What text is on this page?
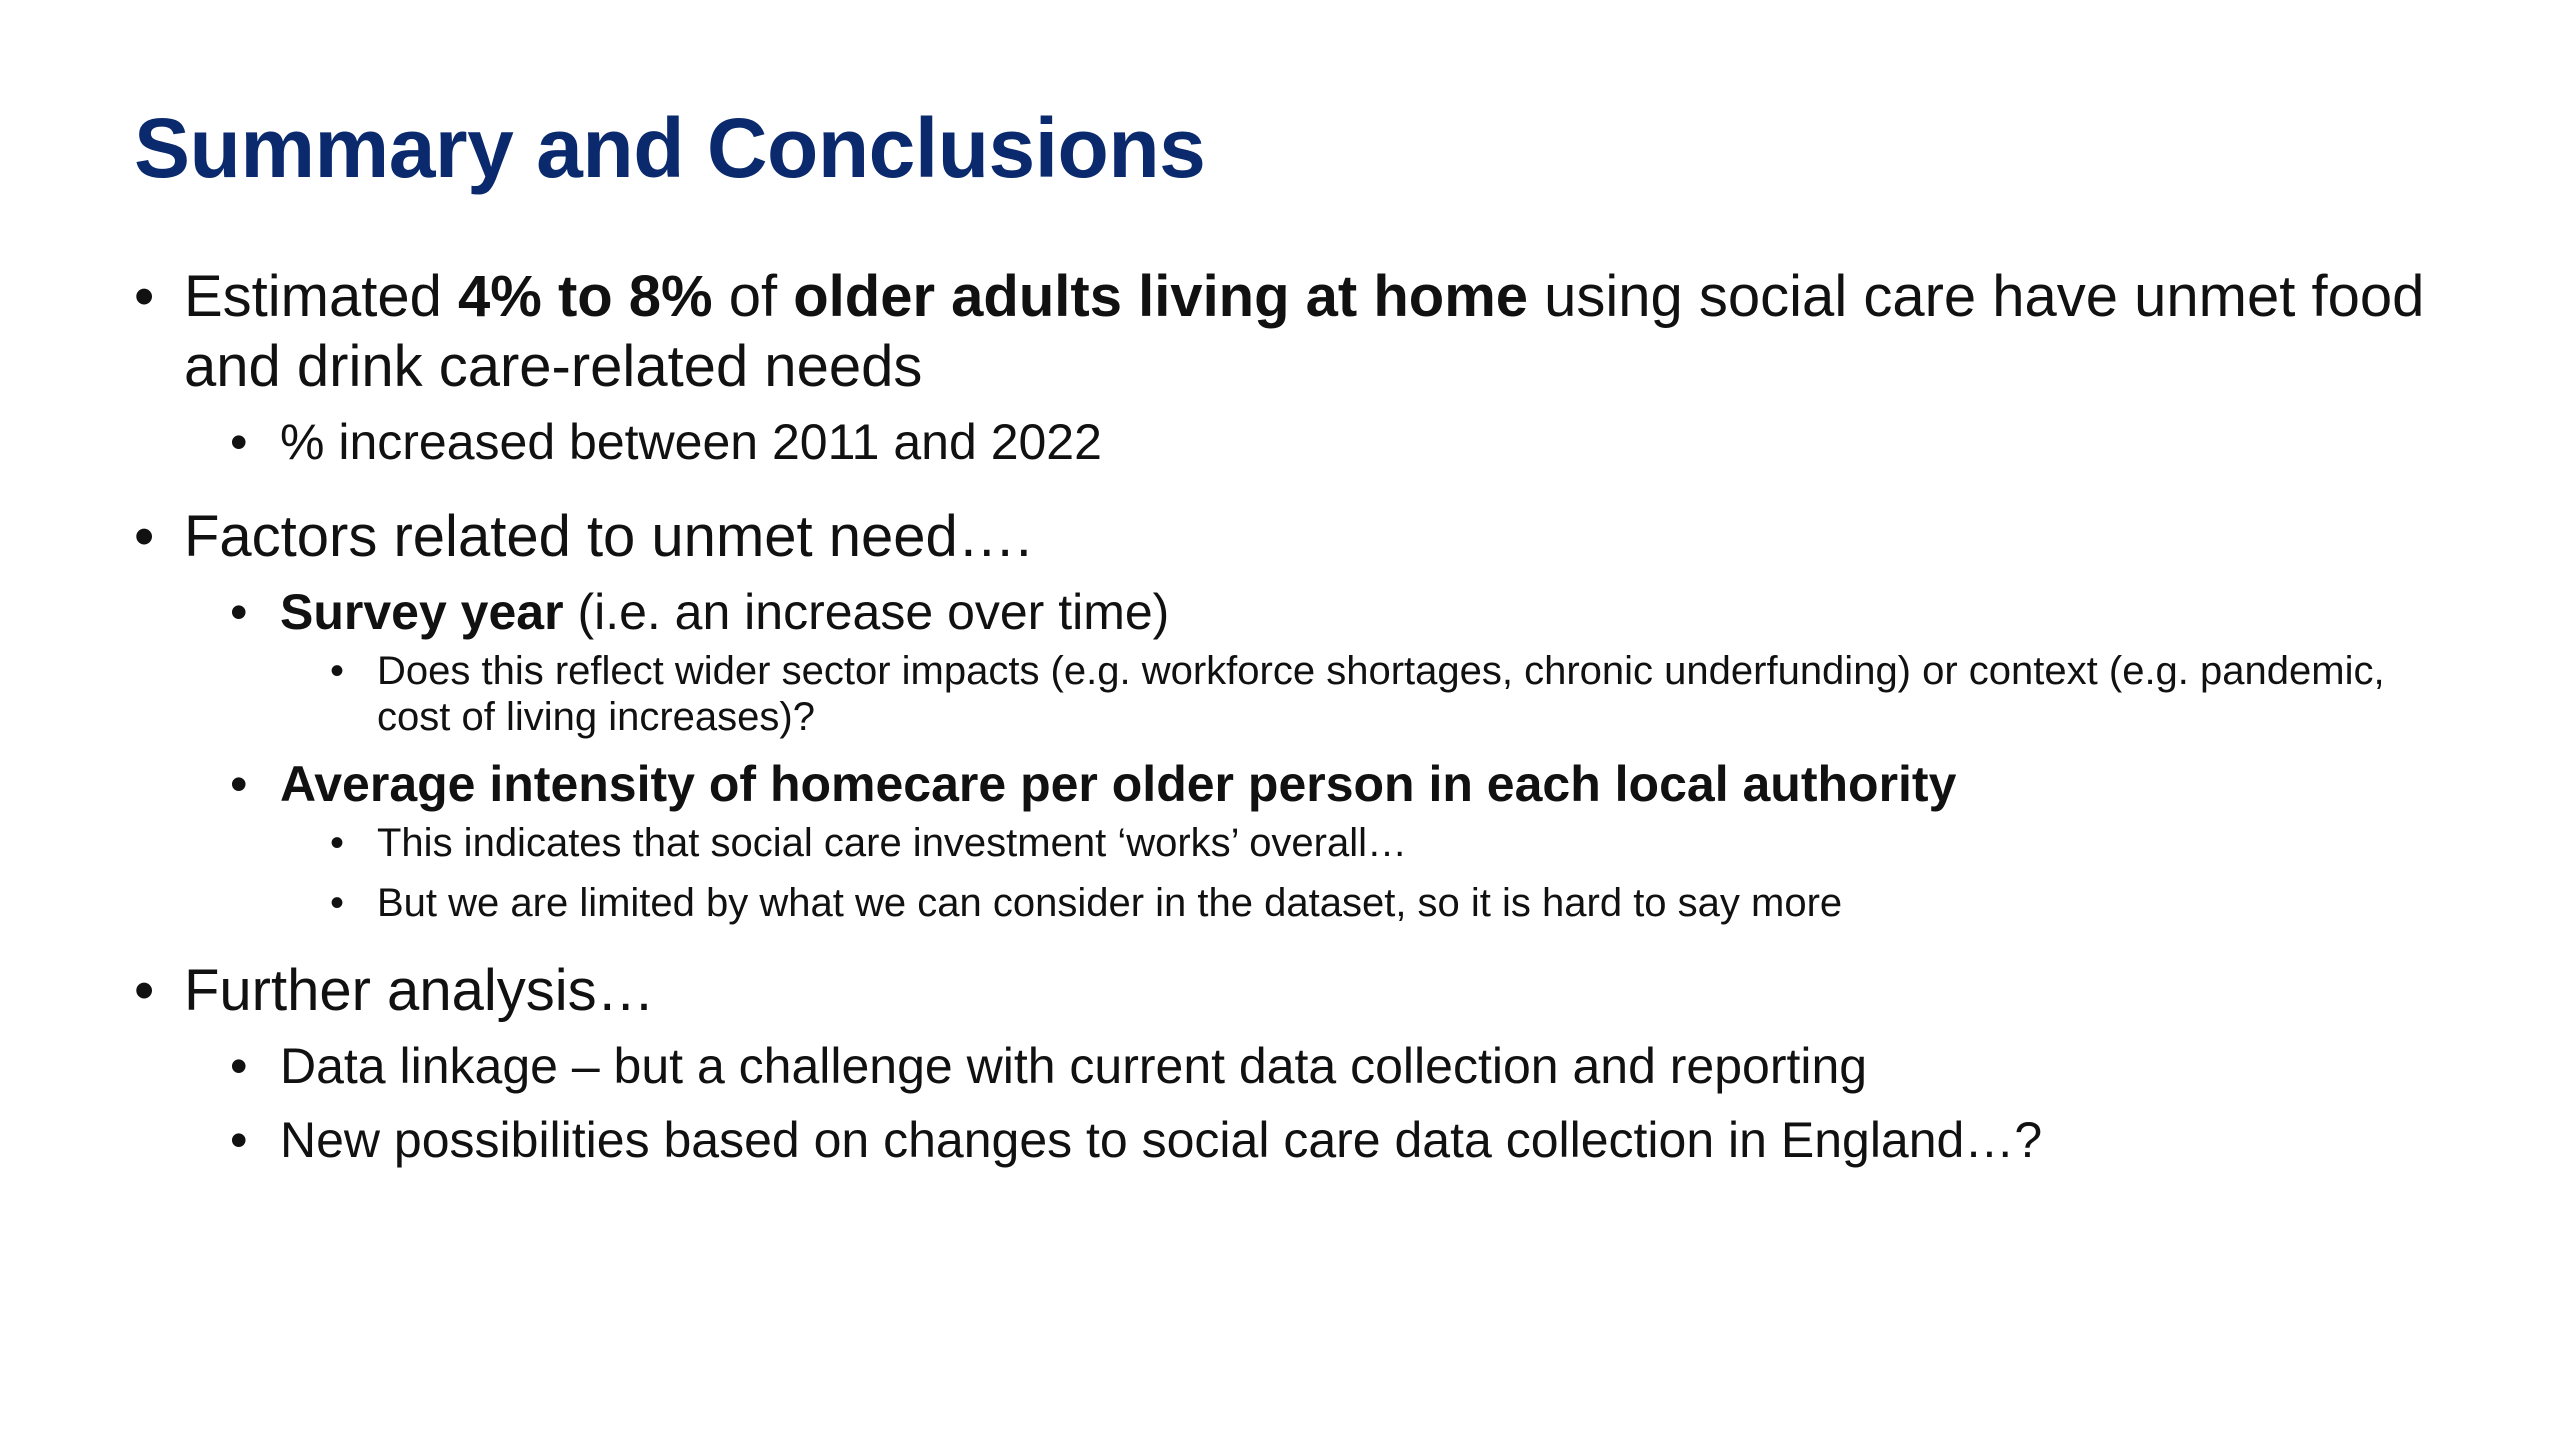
Summary and Conclusions
• Estimated 4% to 8% of older adults living at home using social care have unmet food and drink care-related needs
• % increased between 2011 and 2022
• Factors related to unmet need….
• Survey year (i.e. an increase over time)
• Does this reflect wider sector impacts (e.g. workforce shortages, chronic underfunding) or context (e.g. pandemic, cost of living increases)?
• Average intensity of homecare per older person in each local authority
• This indicates that social care investment ‘works’ overall…
• But we are limited by what we can consider in the dataset, so it is hard to say more
• Further analysis…
• Data linkage – but a challenge with current data collection and reporting
• New possibilities based on changes to social care data collection in England…?
